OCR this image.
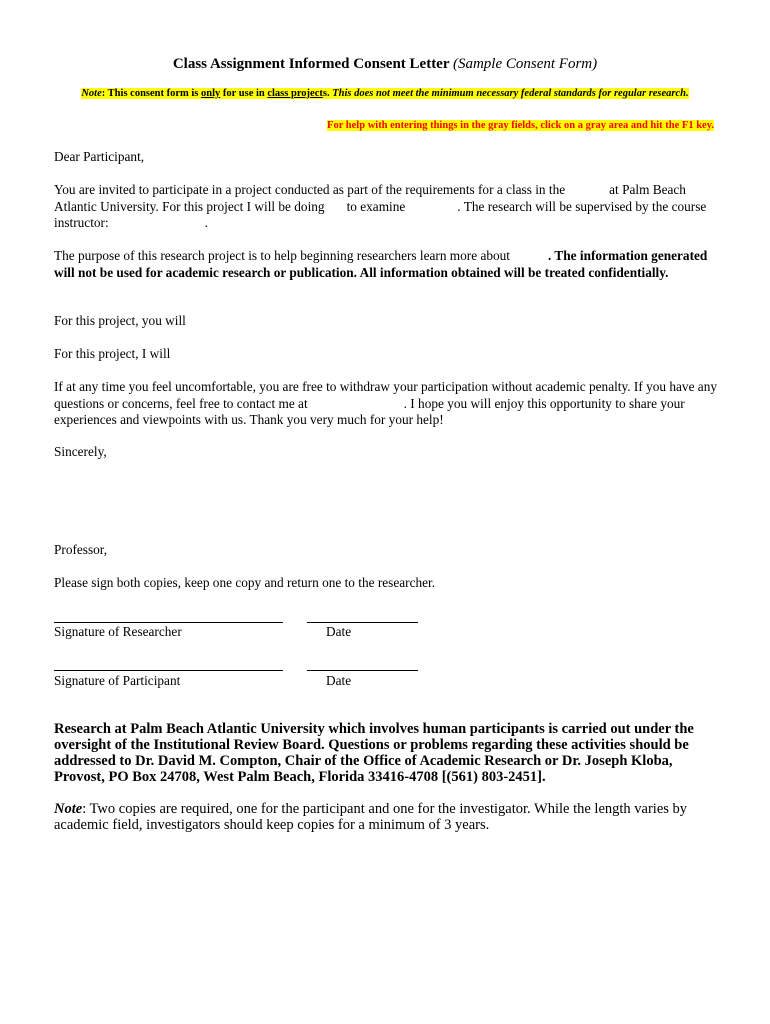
Class Assignment Informed Consent Letter (Sample Consent Form)
Note: This consent form is only for use in class projects. This does not meet the minimum necessary federal standards for regular research.
For help with entering things in the gray fields, click on a gray area and hit the F1 key.
Dear Participant,
You are invited to participate in a project conducted as part of the requirements for a class in the	at Palm Beach Atlantic University. For this project I will be doing to examine	. The research will be supervised by the course instructor:	.
The purpose of this research project is to help beginning researchers learn more about	. The information generated will not be used for academic research or publication. All information obtained will be treated confidentially.
For this project, you will
For this project, I will
If at any time you feel uncomfortable, you are free to withdraw your participation without academic penalty. If you have any questions or concerns, feel free to contact me at	. I hope you will enjoy this opportunity to share your experiences and viewpoints with us. Thank you very much for your help!
Sincerely,
Professor,
Please sign both copies, keep one copy and return one to the researcher.
Signature of Researcher	Date
Signature of Participant	Date
Research at Palm Beach Atlantic University which involves human participants is carried out under the oversight of the Institutional Review Board. Questions or problems regarding these activities should be addressed to Dr. David M. Compton, Chair of the Office of Academic Research or Dr. Joseph Kloba, Provost, PO Box 24708, West Palm Beach, Florida 33416-4708 [(561) 803-2451].
Note: Two copies are required, one for the participant and one for the investigator. While the length varies by academic field, investigators should keep copies for a minimum of 3 years.
